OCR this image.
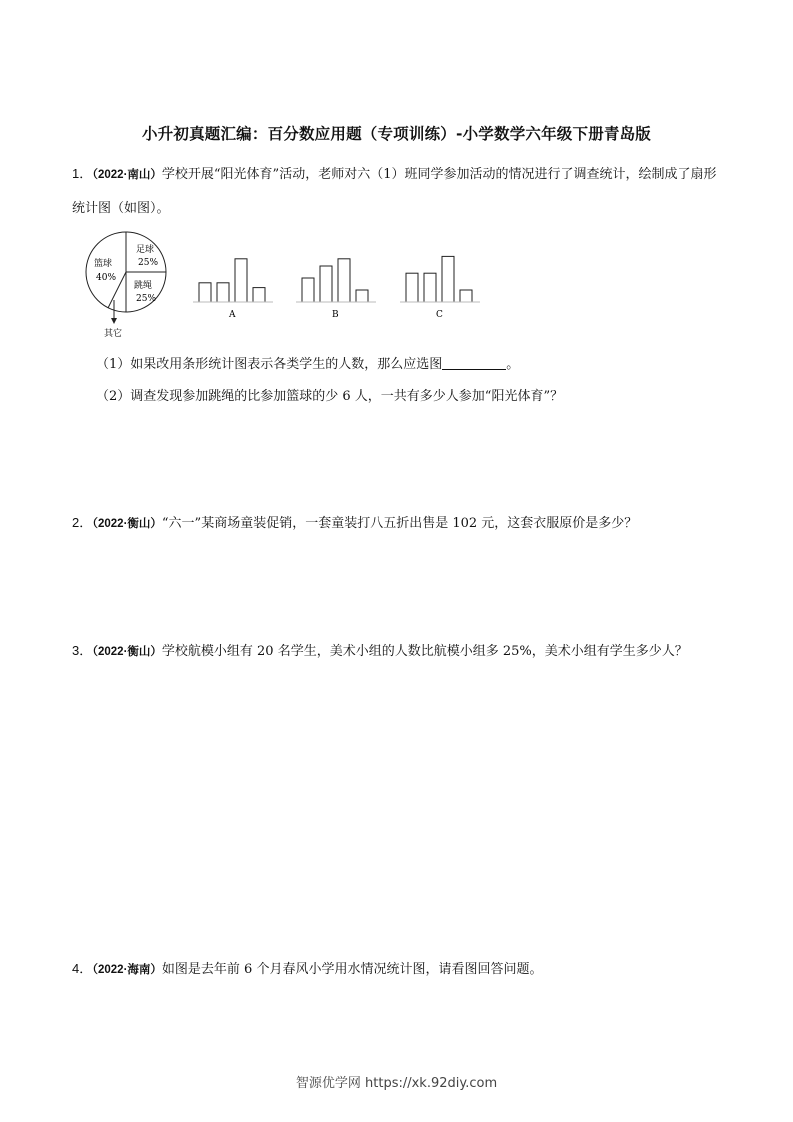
小升初真题汇编：百分数应用题（专项训练）-小学数学六年级下册青岛版
1．（2022·南山）学校开展“阳光体育”活动，老师对六（1）班同学参加活动的情况进行了调查统计，绘制成了扇形统计图（如图）。
篮球
40%
足球
25%
跳绳
25%
其它
A	B	C
（1）如果改用条形统计图表示各类学生的人数，那么应选图	。
（2）调查发现参加跳绳的比参加篮球的少 6 人，一共有多少人参加“阳光体育”？
2．（2022·衡山）“六一”某商场童装促销，一套童装打八五折出售是 102 元，这套衣服原价是多少？
3．（2022·衡山）学校航模小组有 20 名学生，美术小组的人数比航模小组多 25%，美术小组有学生多少人？
4．（2022·海南）如图是去年前 6 个月春风小学用水情况统计图，请看图回答问题。
智源优学网 https://xk.92diy.com
